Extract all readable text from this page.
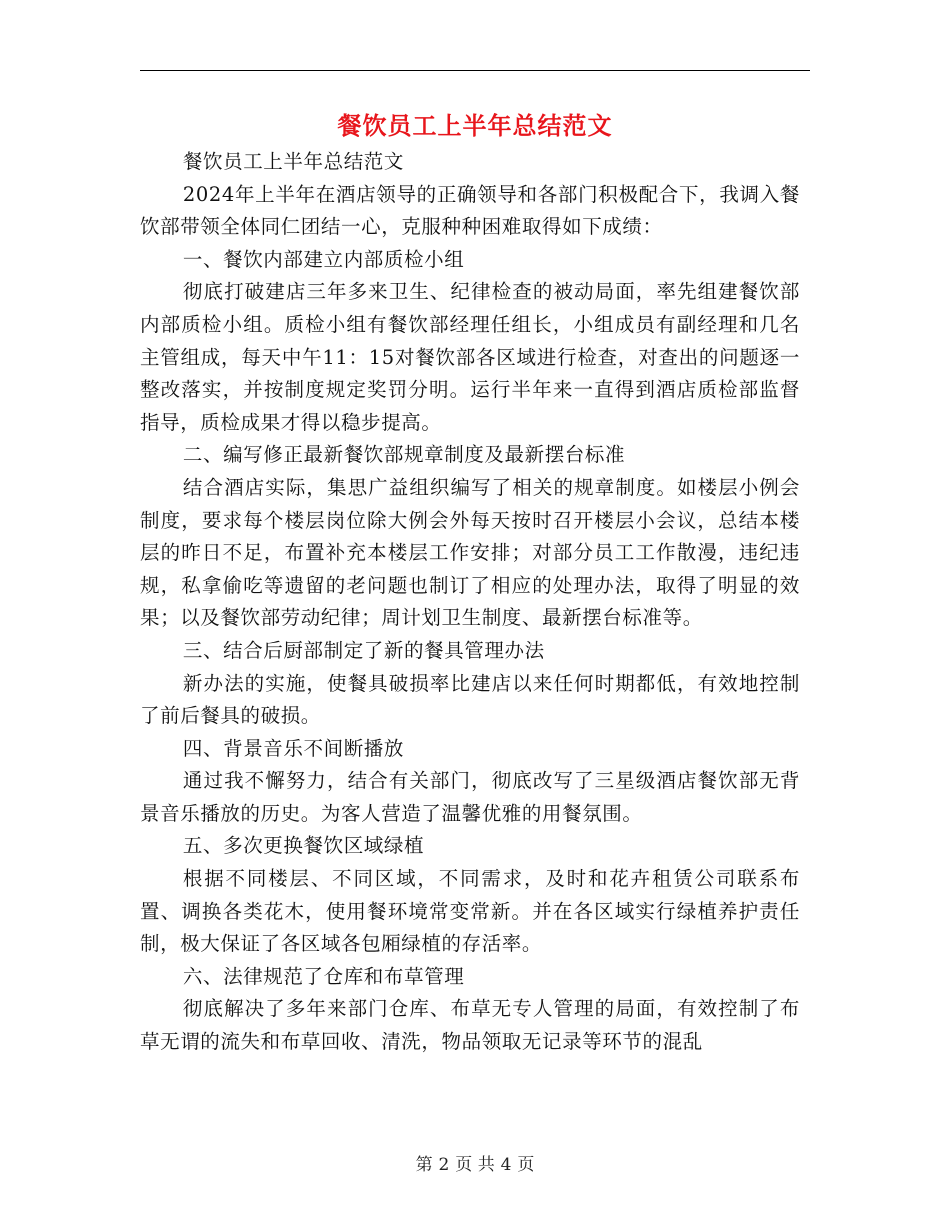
餐饮员工上半年总结范文

餐饮员工上半年总结范文

2024年上半年在酒店领导的正确领导和各部门积极配合下，我调入餐饮部带领全体同仁团结一心，克服种种困难取得如下成绩：

一、餐饮内部建立内部质检小组

彻底打破建店三年多来卫生、纪律检查的被动局面，率先组建餐饮部内部质检小组。质检小组有餐饮部经理任组长，小组成员有副经理和几名主管组成，每天中午11：15对餐饮部各区域进行检查，对查出的问题逐一整改落实，并按制度规定奖罚分明。运行半年来一直得到酒店质检部监督指导，质检成果才得以稳步提高。

二、编写修正最新餐饮部规章制度及最新摆台标准

结合酒店实际，集思广益组织编写了相关的规章制度。如楼层小例会制度，要求每个楼层岗位除大例会外每天按时召开楼层小会议，总结本楼层的昨日不足，布置补充本楼层工作安排；对部分员工工作散漫，违纪违规，私拿偷吃等遗留的老问题也制订了相应的处理办法，取得了明显的效果；以及餐饮部劳动纪律；周计划卫生制度、最新摆台标准等。

三、结合后厨部制定了新的餐具管理办法

新办法的实施，使餐具破损率比建店以来任何时期都低，有效地控制了前后餐具的破损。

四、背景音乐不间断播放

通过我不懈努力，结合有关部门，彻底改写了三星级酒店餐饮部无背景音乐播放的历史。为客人营造了温馨优雅的用餐氛围。

五、多次更换餐饮区域绿植

根据不同楼层、不同区域，不同需求，及时和花卉租赁公司联系布置、调换各类花木，使用餐环境常变常新。并在各区域实行绿植养护责任制，极大保证了各区域各包厢绿植的存活率。

六、法律规范了仓库和布草管理

彻底解决了多年来部门仓库、布草无专人管理的局面，有效控制了布草无谓的流失和布草回收、清洗，物品领取无记录等环节的混乱

第 2 页 共 4 页
